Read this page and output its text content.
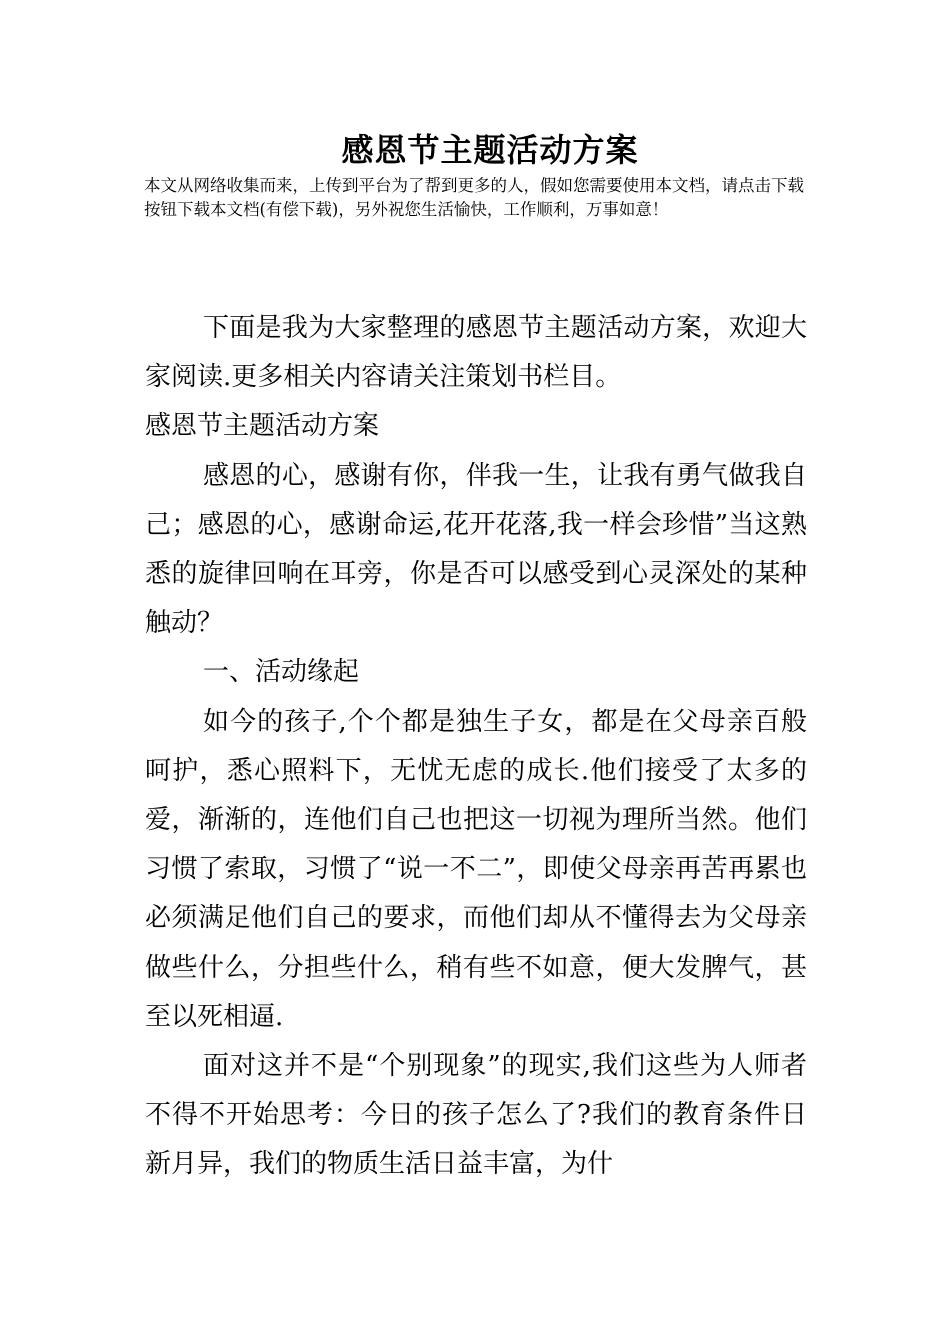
感恩节主题活动方案
本文从网络收集而来，上传到平台为了帮到更多的人，假如您需要使用本文档，请点击下载按钮下载本文档(有偿下载)，另外祝您生活愉快，工作顺利，万事如意！

下面是我为大家整理的感恩节主题活动方案，欢迎大家阅读.更多相关内容请关注策划书栏目。

感恩节主题活动方案

感恩的心，感谢有你，伴我一生，让我有勇气做我自己；感恩的心，感谢命运,花开花落,我一样会珍惜”当这熟悉的旋律回响在耳旁，你是否可以感受到心灵深处的某种触动？

一、活动缘起

如今的孩子,个个都是独生子女，都是在父母亲百般呵护，悉心照料下，无忧无虑的成长.他们接受了太多的爱，渐渐的，连他们自己也把这一切视为理所当然。他们习惯了索取，习惯了“说一不二”，即使父母亲再苦再累也必须满足他们自己的要求，而他们却从不懂得去为父母亲做些什么，分担些什么，稍有些不如意，便大发脾气，甚至以死相逼.

面对这并不是“个别现象”的现实,我们这些为人师者不得不开始思考：今日的孩子怎么了?我们的教育条件日新月异，我们的物质生活日益丰富，为什
